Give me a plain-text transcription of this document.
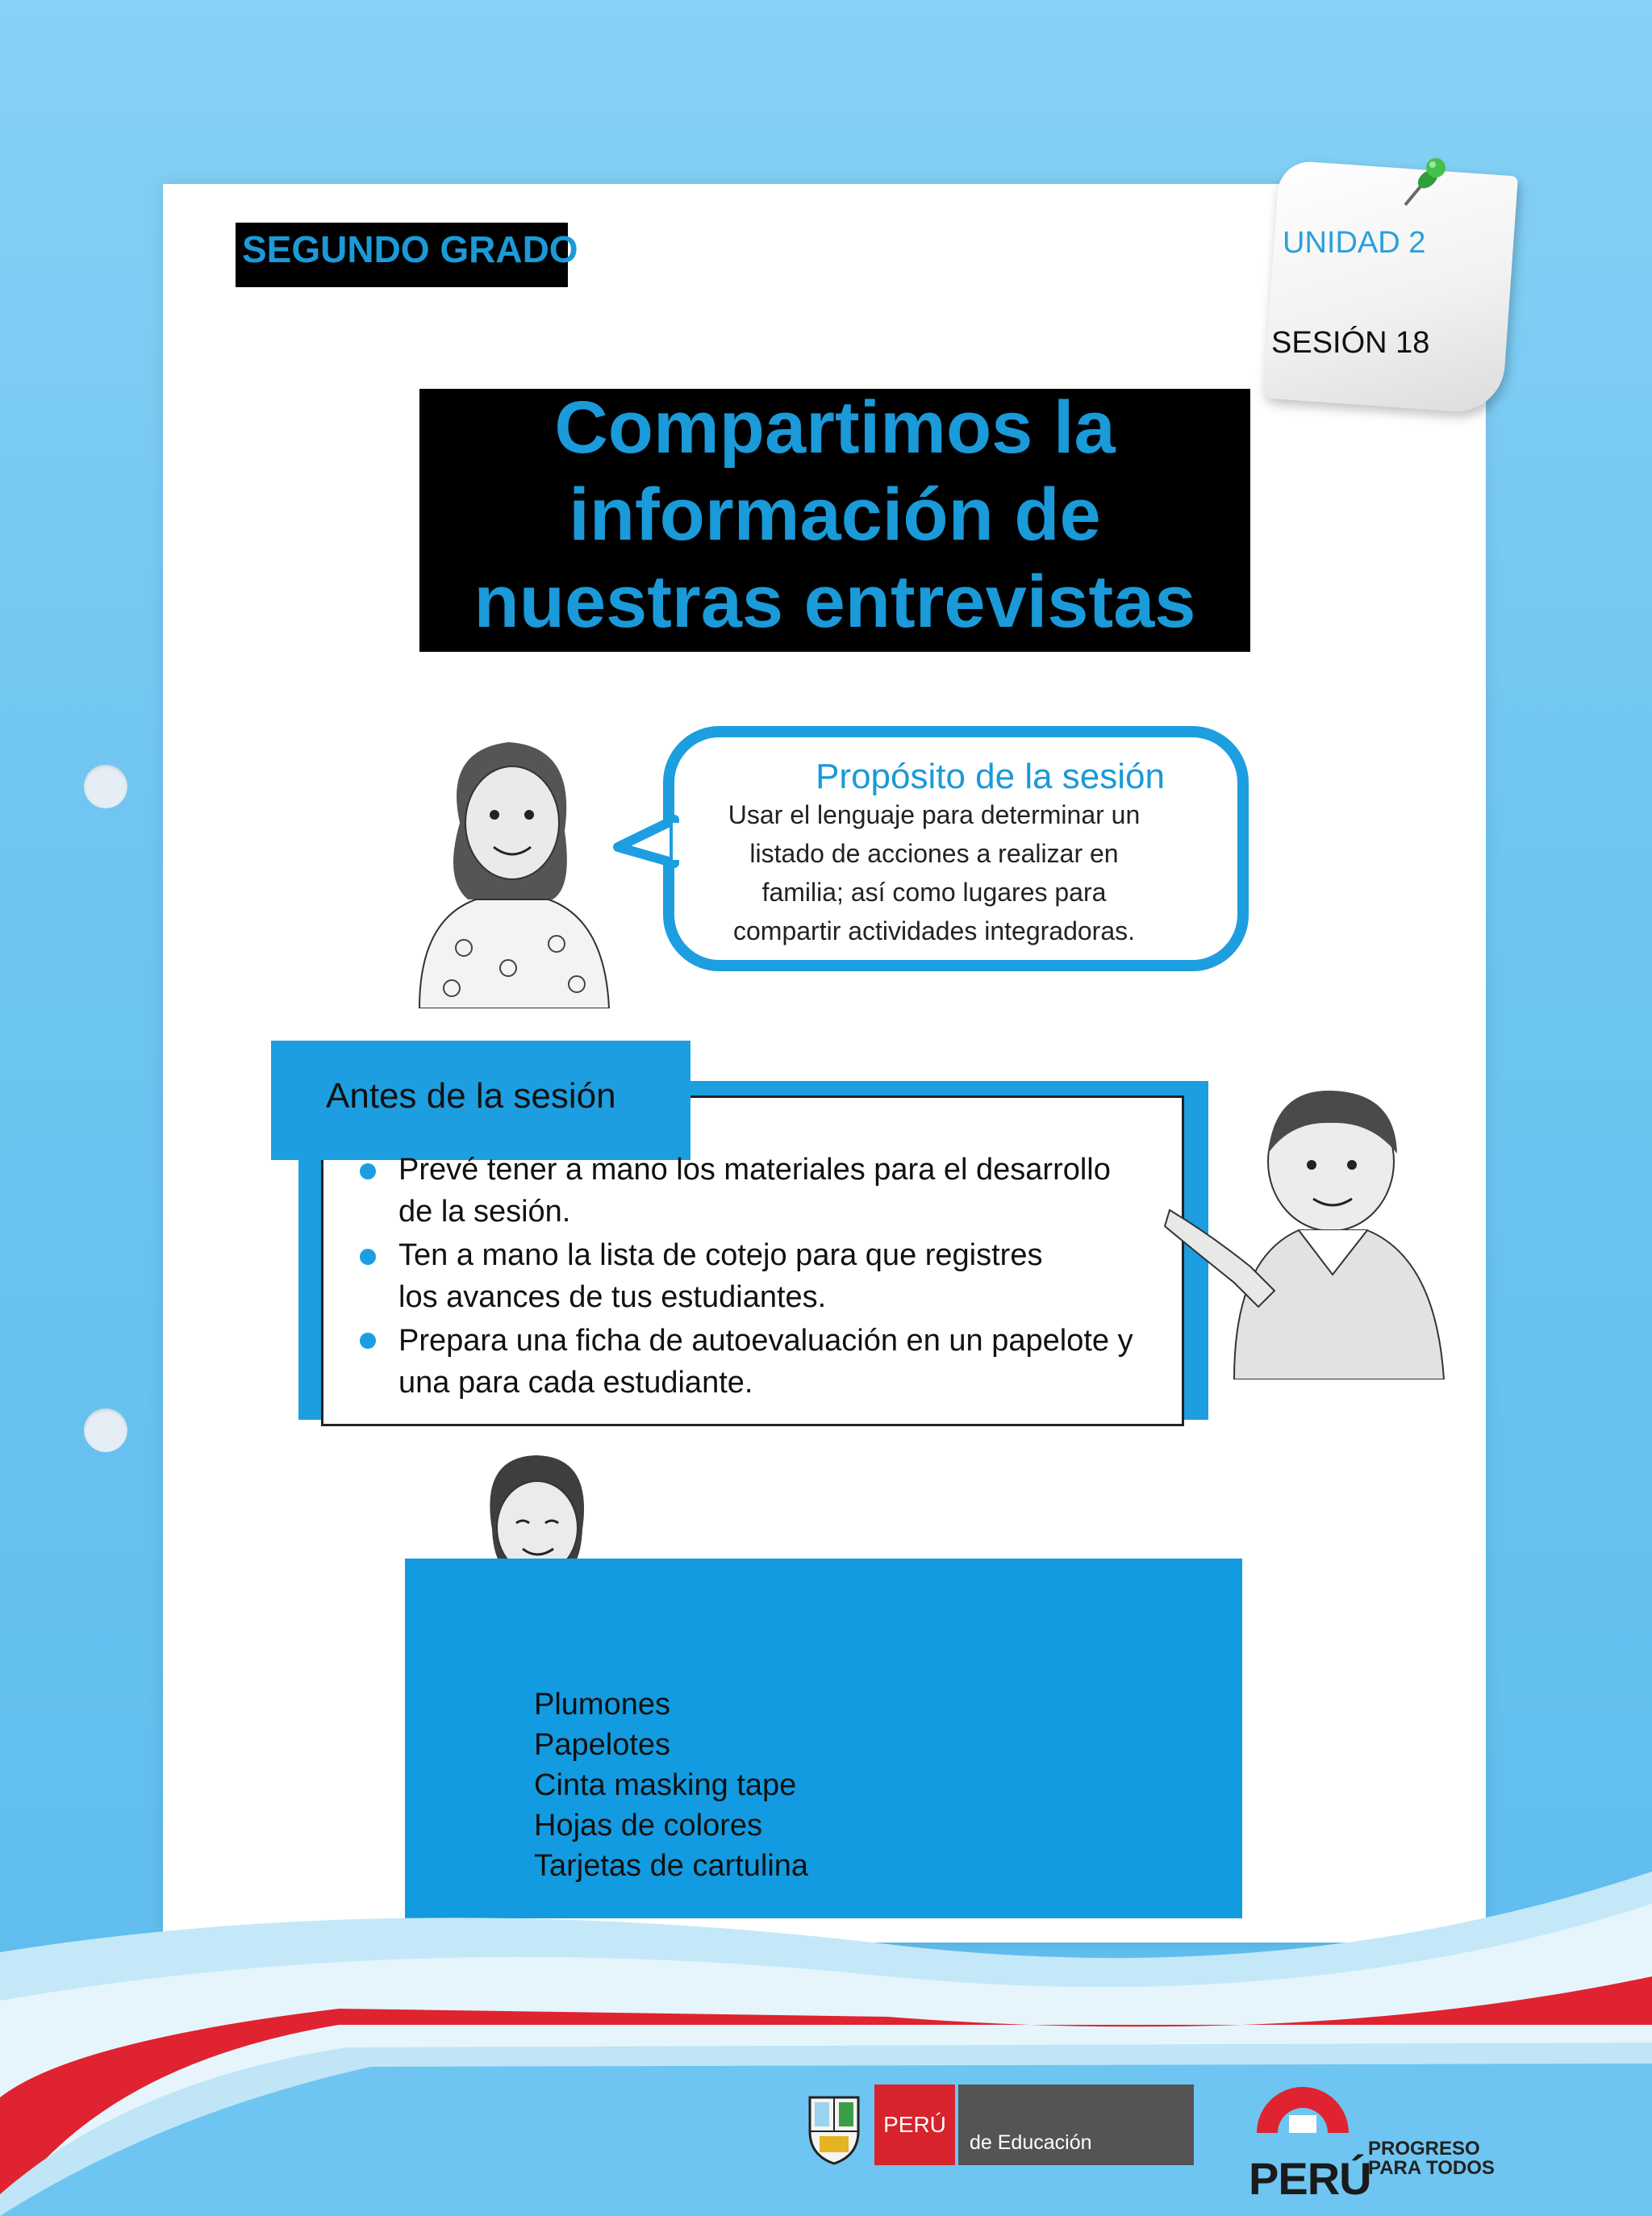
SEGUNDO GRADO	UNIDAD 2
SESIÓN 18
Compartimos la
información de
nuestras entrevistas
Propósito de la sesión
Usar el lenguaje para determinar un
listado de acciones a realizar en
familia; así como lugares para
compartir actividades integradoras.
Antes de la sesión
Prevé tener a mano los materiales para el desarrollo
de la sesión.
Ten a mano la lista de cotejo para que registres
los avances de tus estudiantes.
Prepara una ficha de autoevaluación en un papelote y
una para cada estudiante.
Plumones
Papelotes
Cinta masking tape
Hojas de colores
Tarjetas de cartulina
PERÚ
de Educación
PERÚ
PROGRESO
PARA TODOS
